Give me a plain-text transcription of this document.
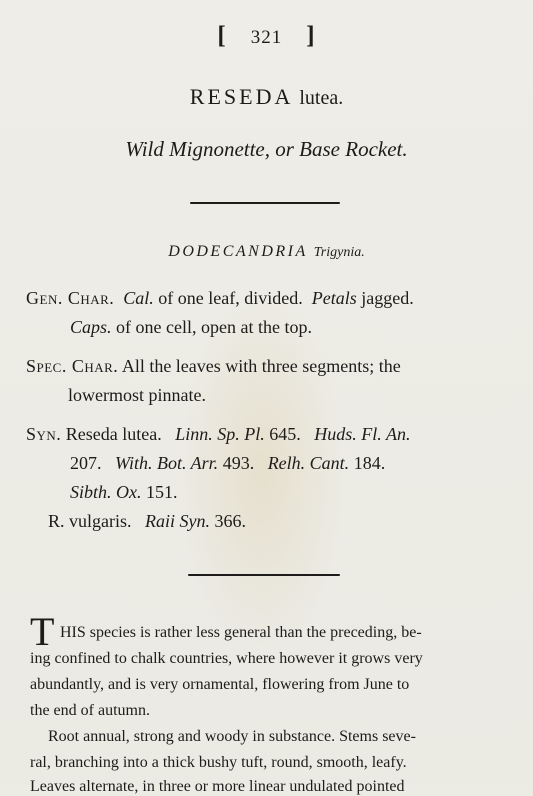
[ 321 ]
RESEDA lutea.
Wild Mignonette, or Base Rocket.
DODECANDRIA Trigynia.
Gen. Char. Cal. of one leaf, divided. Petals jagged.
Caps. of one cell, open at the top.
Spec. Char. All the leaves with three segments; the
lowermost pinnate.
Syn. Reseda lutea. Linn. Sp. Pl. 645. Huds. Fl. An.
207. With. Bot. Arr. 493. Relh. Cant. 184.
Sibth. Ox. 151.
R. vulgaris. Raii Syn. 366.
T HIS species is rather less general than the preceding, be-
ing confined to chalk countries, where however it grows very
abundantly, and is very ornamental, flowering from June to
the end of autumn.
Root annual, strong and woody in substance. Stems seve-
ral, branching into a thick bushy tuft, round, smooth, leafy.
Leaves alternate, in three or more linear undulated pointed
